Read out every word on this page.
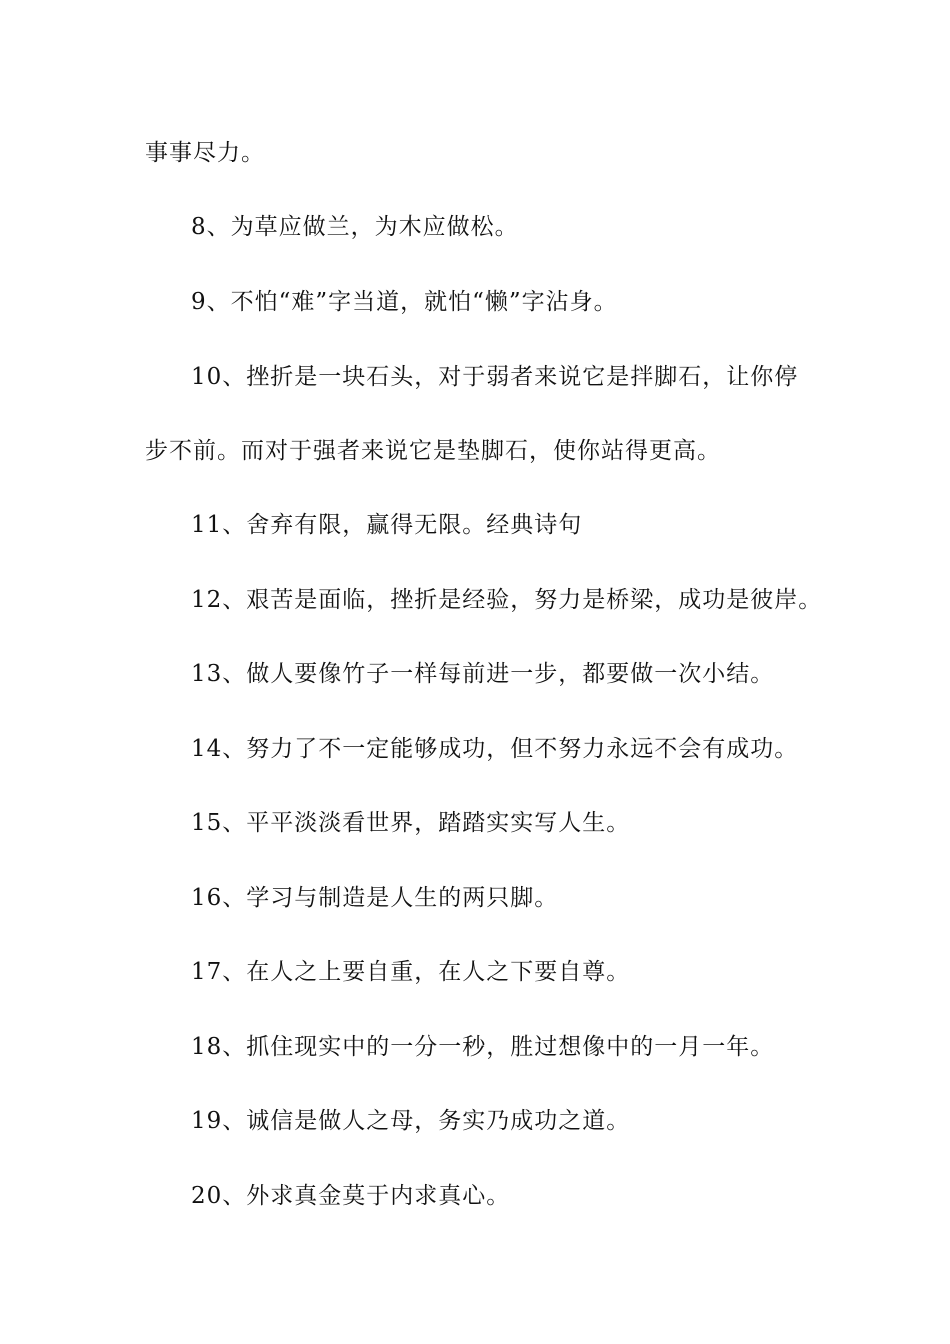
事事尽力。
8、为草应做兰，为木应做松。
9、不怕“难”字当道，就怕“懒”字沾身。
10、挫折是一块石头，对于弱者来说它是拌脚石，让你停
步不前。而对于强者来说它是垫脚石，使你站得更高。
11、舍弃有限，赢得无限。经典诗句
12、艰苦是面临，挫折是经验，努力是桥梁，成功是彼岸。
13、做人要像竹子一样每前进一步，都要做一次小结。
14、努力了不一定能够成功，但不努力永远不会有成功。
15、平平淡淡看世界，踏踏实实写人生。
16、学习与制造是人生的两只脚。
17、在人之上要自重，在人之下要自尊。
18、抓住现实中的一分一秒，胜过想像中的一月一年。
19、诚信是做人之母，务实乃成功之道。
20、外求真金莫于内求真心。
